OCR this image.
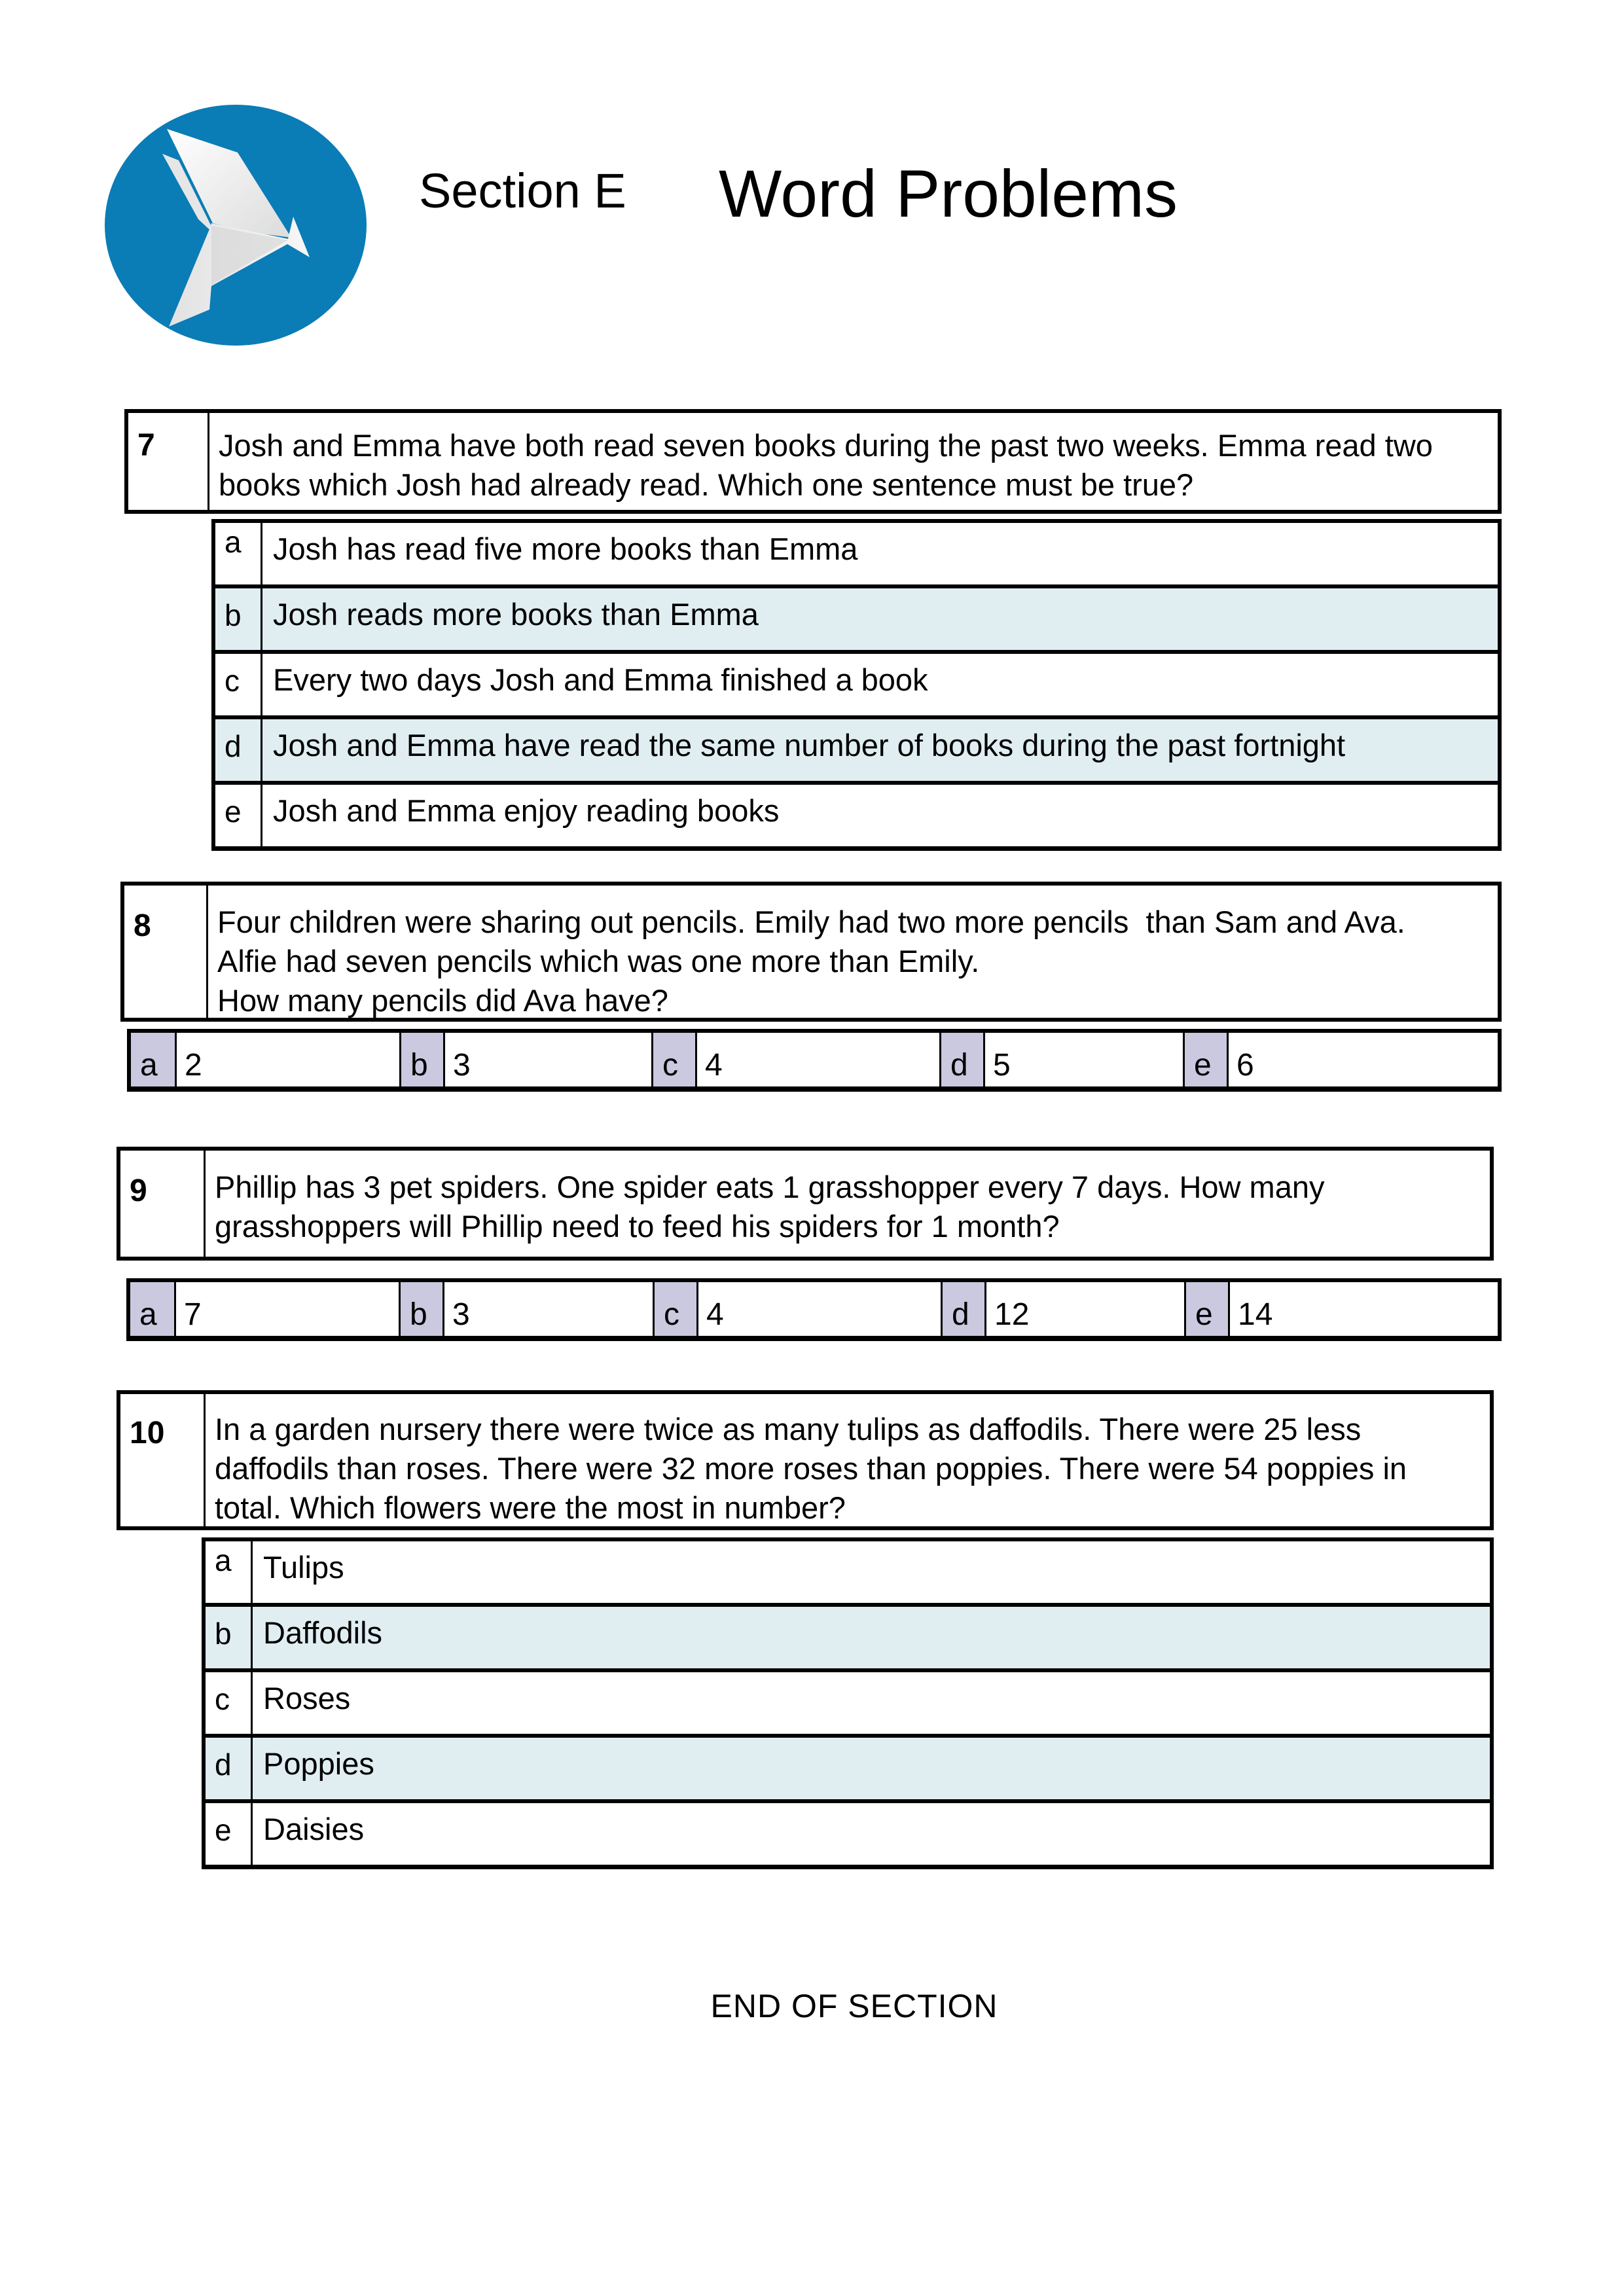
Section E Word Problems
7	Josh and Emma have both read seven books during the past two weeks. Emma read two books which Josh had already read. Which one sentence must be true?
a	Josh has read five more books than Emma
b	Josh reads more books than Emma
c	Every two days Josh and Emma finished a book
d	Josh and Emma have read the same number of books during the past fortnight
e	Josh and Emma enjoy reading books
8	Four children were sharing out pencils. Emily had two more pencils  than Sam and Ava.
Alfie had seven pencils which was one more than Emily.
How many pencils did Ava have?
a 2	b 3	c 4	d 5	e 6
9	Phillip has 3 pet spiders. One spider eats 1 grasshopper every 7 days. How many grasshoppers will Phillip need to feed his spiders for 1 month?
a 7	b 3	c 4	d 12	e 14
10	In a garden nursery there were twice as many tulips as daffodils. There were 25 less daffodils than roses. There were 32 more roses than poppies. There were 54 poppies in total. Which flowers were the most in number?
a	Tulips
b	Daffodils
c	Roses
d	Poppies
e	Daisies
END OF SECTION
